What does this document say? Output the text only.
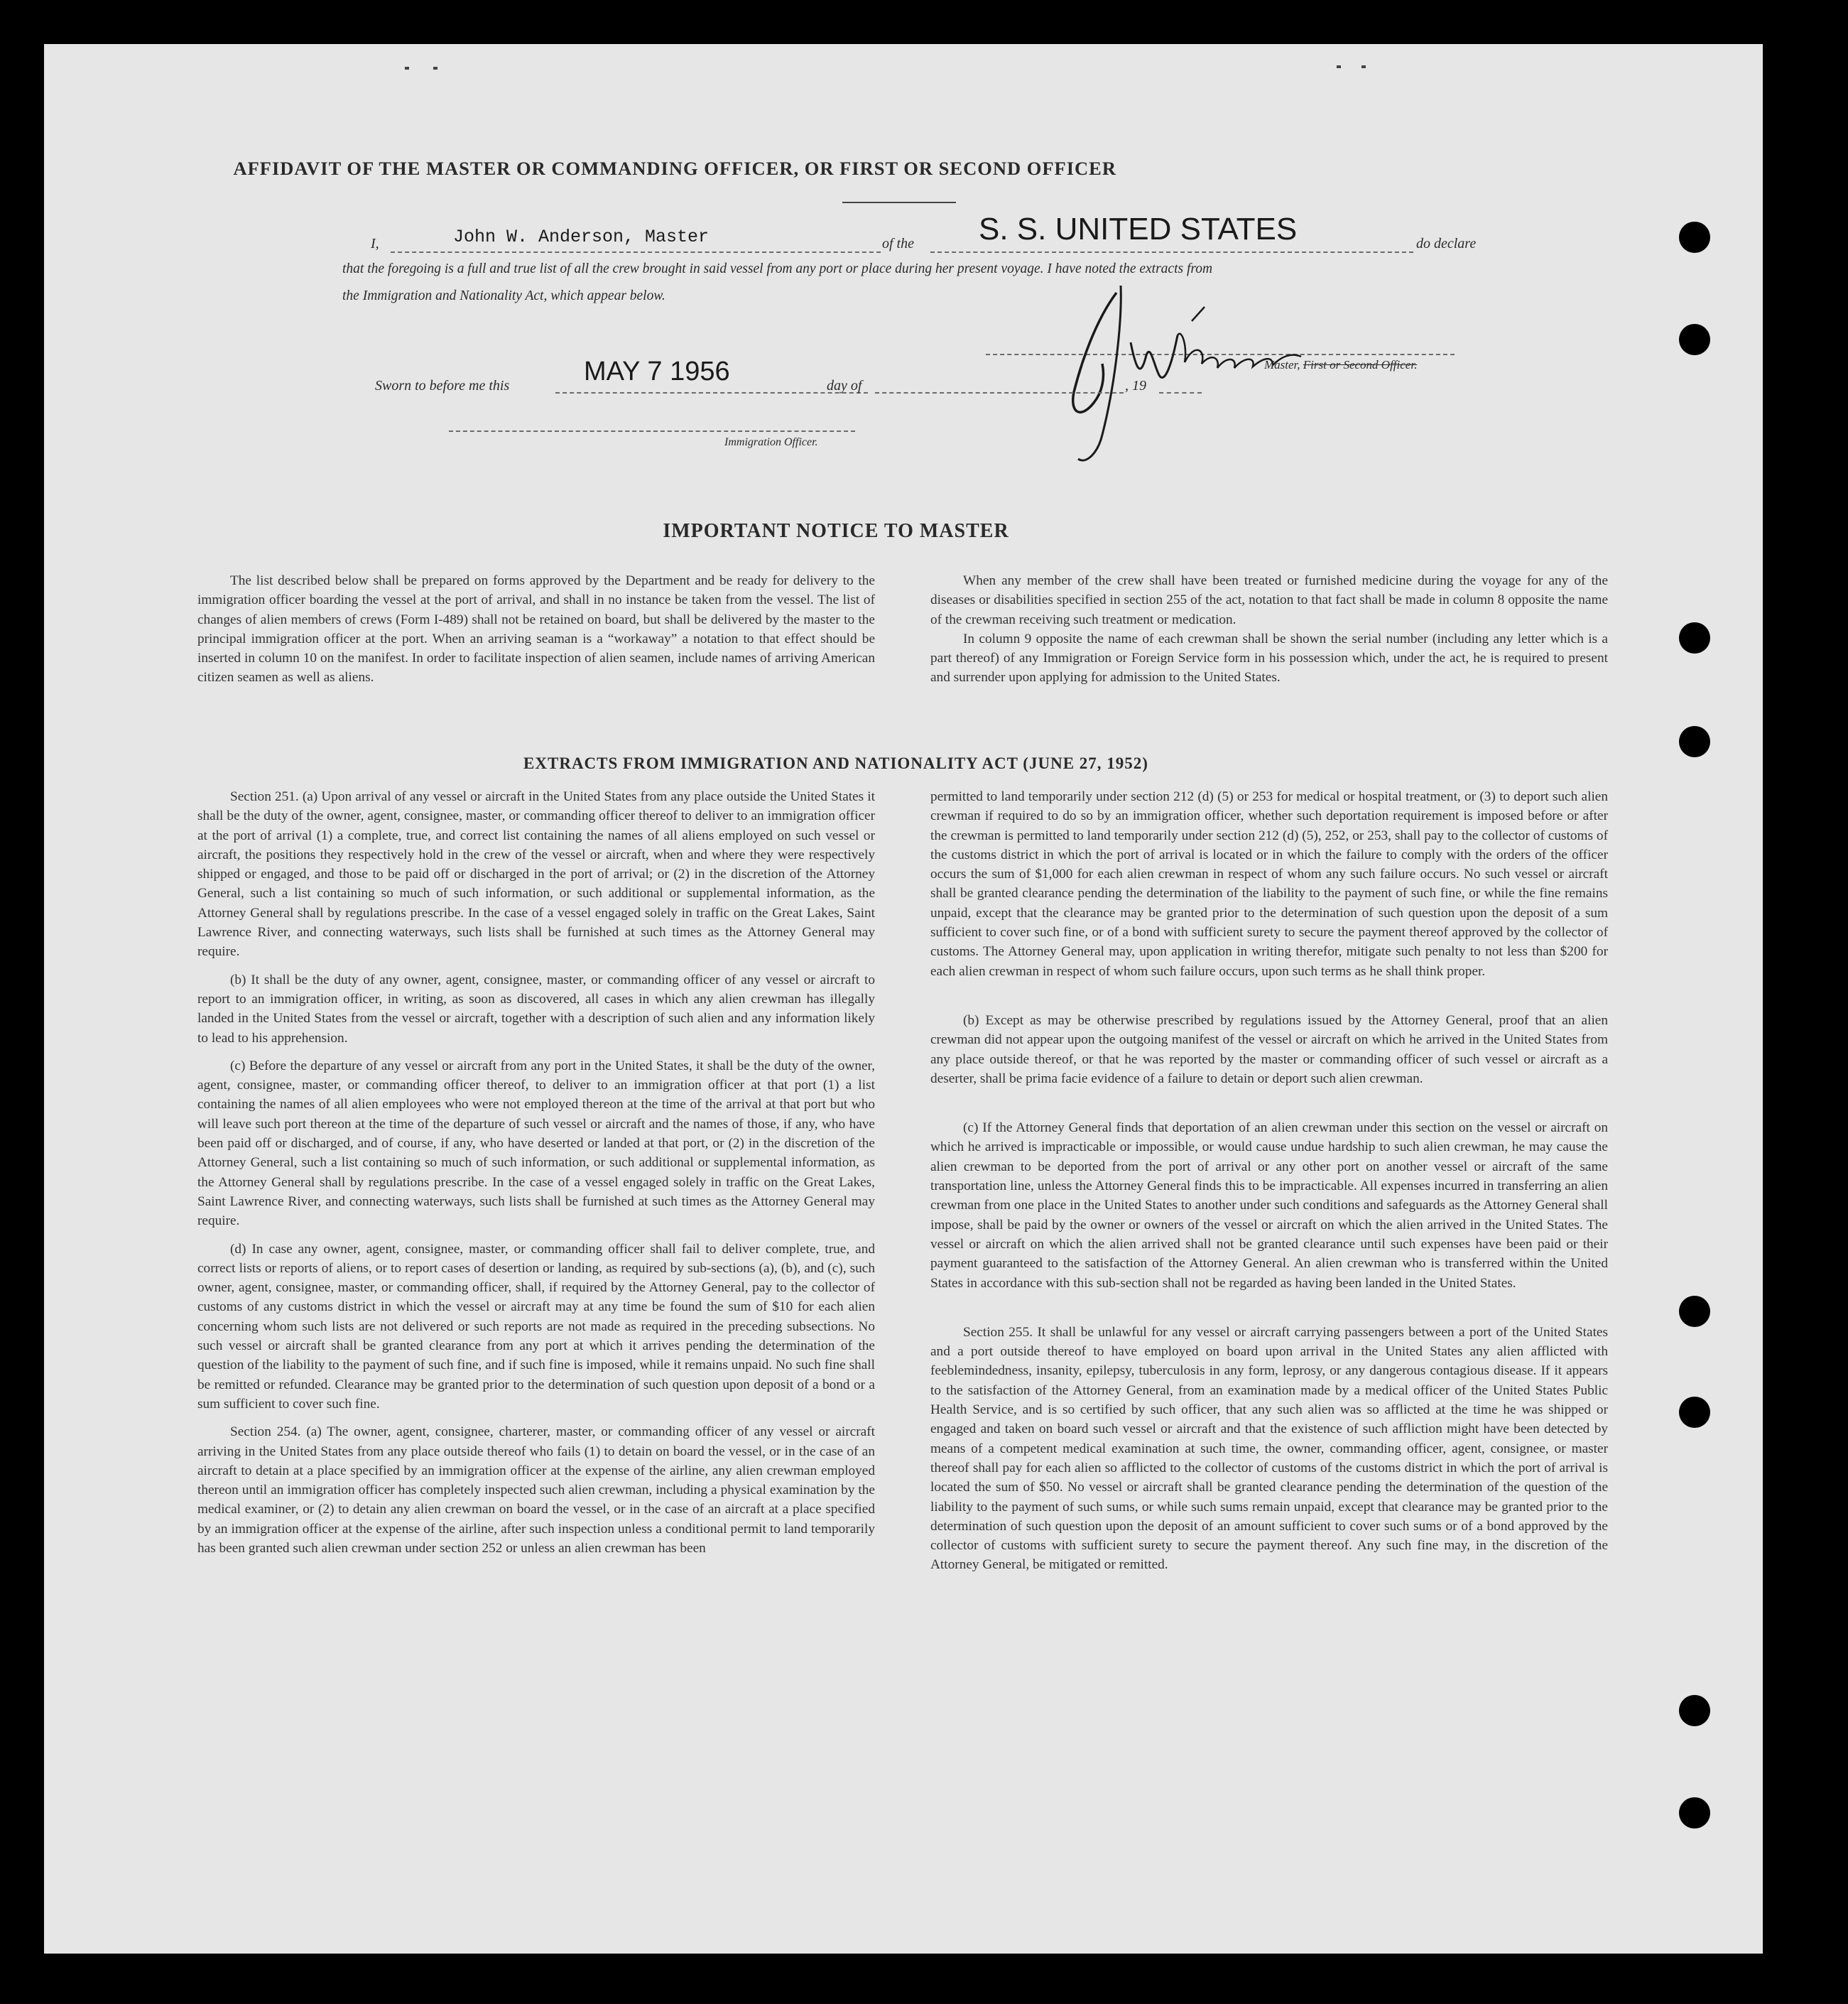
AFFIDAVIT OF THE MASTER OR COMMANDING OFFICER, OR FIRST OR SECOND OFFICER
I,	John W. Anderson, Master	of the S. S. UNITED STATES	do declare
that the foregoing is a full and true list of all the crew brought in said vessel from any port or place during her present voyage. I have noted the extracts from
the Immigration and Nationality Act, which appear below.
Master, First or Second Officer.
Sworn to before me this	MAY 7 1956	day of	, 19
Immigration Officer.
IMPORTANT NOTICE TO MASTER

The list described below shall be prepared on forms approved by the Department and be ready for delivery to the immigration officer boarding the vessel at the port of arrival, and shall in no instance be taken from the vessel. The list of changes of alien members of crews (Form I-489) shall not be retained on board, but shall be delivered by the master to the principal immigration officer at the port. When an arriving seaman is a “workaway” a notation to that effect should be inserted in column 10 on the manifest. In order to facilitate inspection of alien seamen, include names of arriving American citizen seamen as well as aliens.

When any member of the crew shall have been treated or furnished medicine during the voyage for any of the diseases or disabilities specified in section 255 of the act, notation to that fact shall be made in column 8 opposite the name of the crewman receiving such treatment or medication.

In column 9 opposite the name of each crewman shall be shown the serial number (including any letter which is a part thereof) of any Immigration or Foreign Service form in his possession which, under the act, he is required to present and surrender upon applying for admission to the United States.

EXTRACTS FROM IMMIGRATION AND NATIONALITY ACT (JUNE 27, 1952)

Section 251. (a) Upon arrival of any vessel or aircraft in the United States from any place outside the United States it shall be the duty of the owner, agent, consignee, master, or commanding officer thereof to deliver to an immigration officer at the port of arrival (1) a complete, true, and correct list containing the names of all aliens employed on such vessel or aircraft, the positions they respectively hold in the crew of the vessel or aircraft, when and where they were respectively shipped or engaged, and those to be paid off or discharged in the port of arrival; or (2) in the discretion of the Attorney General, such a list containing so much of such information, or such additional or supplemental information, as the Attorney General shall by regulations prescribe. In the case of a vessel engaged solely in traffic on the Great Lakes, Saint Lawrence River, and connecting waterways, such lists shall be furnished at such times as the Attorney General may require.

(b) It shall be the duty of any owner, agent, consignee, master, or commanding officer of any vessel or aircraft to report to an immigration officer, in writing, as soon as discovered, all cases in which any alien crewman has illegally landed in the United States from the vessel or aircraft, together with a description of such alien and any information likely to lead to his apprehension.

(c) Before the departure of any vessel or aircraft from any port in the United States, it shall be the duty of the owner, agent, consignee, master, or commanding officer thereof, to deliver to an immigration officer at that port (1) a list containing the names of all alien employees who were not employed thereon at the time of the arrival at that port but who will leave such port thereon at the time of the departure of such vessel or aircraft and the names of those, if any, who have been paid off or discharged, and of course, if any, who have deserted or landed at that port, or (2) in the discretion of the Attorney General, such a list containing so much of such information, or such additional or supplemental information, as the Attorney General shall by regulations prescribe. In the case of a vessel engaged solely in traffic on the Great Lakes, Saint Lawrence River, and connecting waterways, such lists shall be furnished at such times as the Attorney General may require.

(d) In case any owner, agent, consignee, master, or commanding officer shall fail to deliver complete, true, and correct lists or reports of aliens, or to report cases of desertion or landing, as required by sub-sections (a), (b), and (c), such owner, agent, consignee, master, or commanding officer, shall, if required by the Attorney General, pay to the collector of customs of any customs district in which the vessel or aircraft may at any time be found the sum of $10 for each alien concerning whom such lists are not delivered or such reports are not made as required in the preceding subsections. No such vessel or aircraft shall be granted clearance from any port at which it arrives pending the determination of the question of the liability to the payment of such fine, and if such fine is imposed, while it remains unpaid. No such fine shall be remitted or refunded. Clearance may be granted prior to the determination of such question upon deposit of a bond or a sum sufficient to cover such fine.

Section 254. (a) The owner, agent, consignee, charterer, master, or commanding officer of any vessel or aircraft arriving in the United States from any place outside thereof who fails (1) to detain on board the vessel, or in the case of an aircraft to detain at a place specified by an immigration officer at the expense of the airline, any alien crewman employed thereon until an immigration officer has completely inspected such alien crewman, including a physical examination by the medical examiner, or (2) to detain any alien crewman on board the vessel, or in the case of an aircraft at a place specified by an immigration officer at the expense of the airline, after such inspection unless a conditional permit to land temporarily has been granted such alien crewman under section 252 or unless an alien crewman has been

permitted to land temporarily under section 212 (d) (5) or 253 for medical or hospital treatment, or (3) to deport such alien crewman if required to do so by an immigration officer, whether such deportation requirement is imposed before or after the crewman is permitted to land temporarily under section 212 (d) (5), 252, or 253, shall pay to the collector of customs of the customs district in which the port of arrival is located or in which the failure to comply with the orders of the officer occurs the sum of $1,000 for each alien crewman in respect of whom any such failure occurs. No such vessel or aircraft shall be granted clearance pending the determination of the liability to the payment of such fine, or while the fine remains unpaid, except that the clearance may be granted prior to the determination of such question upon the deposit of a sum sufficient to cover such fine, or of a bond with sufficient surety to secure the payment thereof approved by the collector of customs. The Attorney General may, upon application in writing therefor, mitigate such penalty to not less than $200 for each alien crewman in respect of whom such failure occurs, upon such terms as he shall think proper.

(b) Except as may be otherwise prescribed by regulations issued by the Attorney General, proof that an alien crewman did not appear upon the outgoing manifest of the vessel or aircraft on which he arrived in the United States from any place outside thereof, or that he was reported by the master or commanding officer of such vessel or aircraft as a deserter, shall be prima facie evidence of a failure to detain or deport such alien crewman.

(c) If the Attorney General finds that deportation of an alien crewman under this section on the vessel or aircraft on which he arrived is impracticable or impossible, or would cause undue hardship to such alien crewman, he may cause the alien crewman to be deported from the port of arrival or any other port on another vessel or aircraft of the same transportation line, unless the Attorney General finds this to be impracticable. All expenses incurred in transferring an alien crewman from one place in the United States to another under such conditions and safeguards as the Attorney General shall impose, shall be paid by the owner or owners of the vessel or aircraft on which the alien arrived in the United States. The vessel or aircraft on which the alien arrived shall not be granted clearance until such expenses have been paid or their payment guaranteed to the satisfaction of the Attorney General. An alien crewman who is transferred within the United States in accordance with this sub-section shall not be regarded as having been landed in the United States.

Section 255. It shall be unlawful for any vessel or aircraft carrying passengers between a port of the United States and a port outside thereof to have employed on board upon arrival in the United States any alien afflicted with feeblemindedness, insanity, epilepsy, tuberculosis in any form, leprosy, or any dangerous contagious disease. If it appears to the satisfaction of the Attorney General, from an examination made by a medical officer of the United States Public Health Service, and is so certified by such officer, that any such alien was so afflicted at the time he was shipped or engaged and taken on board such vessel or aircraft and that the existence of such affliction might have been detected by means of a competent medical examination at such time, the owner, commanding officer, agent, consignee, or master thereof shall pay for each alien so afflicted to the collector of customs of the customs district in which the port of arrival is located the sum of $50. No vessel or aircraft shall be granted clearance pending the determination of the question of the liability to the payment of such sums, or while such sums remain unpaid, except that clearance may be granted prior to the determination of such question upon the deposit of an amount sufficient to cover such sums or of a bond approved by the collector of customs with sufficient surety to secure the payment thereof. Any such fine may, in the discretion of the Attorney General, be mitigated or remitted.
